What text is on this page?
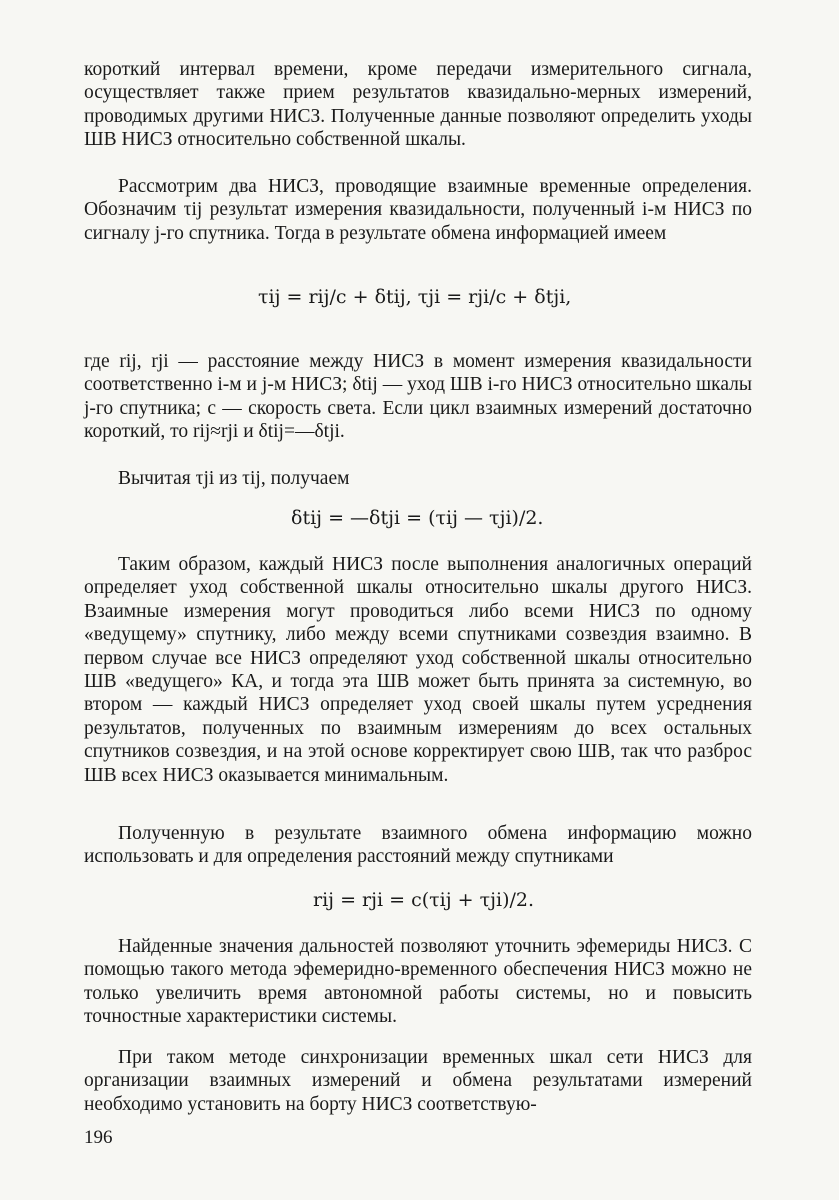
короткий интервал времени, кроме передачи измерительного сигнала, осуществляет также прием результатов квазидально-мерных измерений, проводимых другими НИСЗ. Полученные данные позволяют определить уходы ШВ НИСЗ относительно собственной шкалы.

Рассмотрим два НИСЗ, проводящие взаимные временные определения. Обозначим τij результат измерения квазидальности, полученный i-м НИСЗ по сигналу j-го спутника. Тогда в результате обмена информацией имеем

τij = rij/c + δtij, τji = rji/c + δtji,

где rij, rji — расстояние между НИСЗ в момент измерения квазидальности соответственно i-м и j-м НИСЗ; δtij — уход ШВ i-го НИСЗ относительно шкалы j-го спутника; c — скорость света. Если цикл взаимных измерений достаточно короткий, то rij≈rji и δtij=—δtji.

Вычитая τji из τij, получаем

δtij = —δtji = (τij — τji)/2.

Таким образом, каждый НИСЗ после выполнения аналогичных операций определяет уход собственной шкалы относительно шкалы другого НИСЗ. Взаимные измерения могут проводиться либо всеми НИСЗ по одному «ведущему» спутнику, либо между всеми спутниками созвездия взаимно. В первом случае все НИСЗ определяют уход собственной шкалы относительно ШВ «ведущего» КА, и тогда эта ШВ может быть принята за системную, во втором — каждый НИСЗ определяет уход своей шкалы путем усреднения результатов, полученных по взаимным измерениям до всех остальных спутников созвездия, и на этой основе корректирует свою ШВ, так что разброс ШВ всех НИСЗ оказывается минимальным.

Полученную в результате взаимного обмена информацию можно использовать и для определения расстояний между спутниками

rij = rji = c(τij + τji)/2.

Найденные значения дальностей позволяют уточнить эфемериды НИСЗ. С помощью такого метода эфемеридно-временного обеспечения НИСЗ можно не только увеличить время автономной работы системы, но и повысить точностные характеристики системы.

При таком методе синхронизации временных шкал сети НИСЗ для организации взаимных измерений и обмена результатами измерений необходимо установить на борту НИСЗ соответствую-

196
